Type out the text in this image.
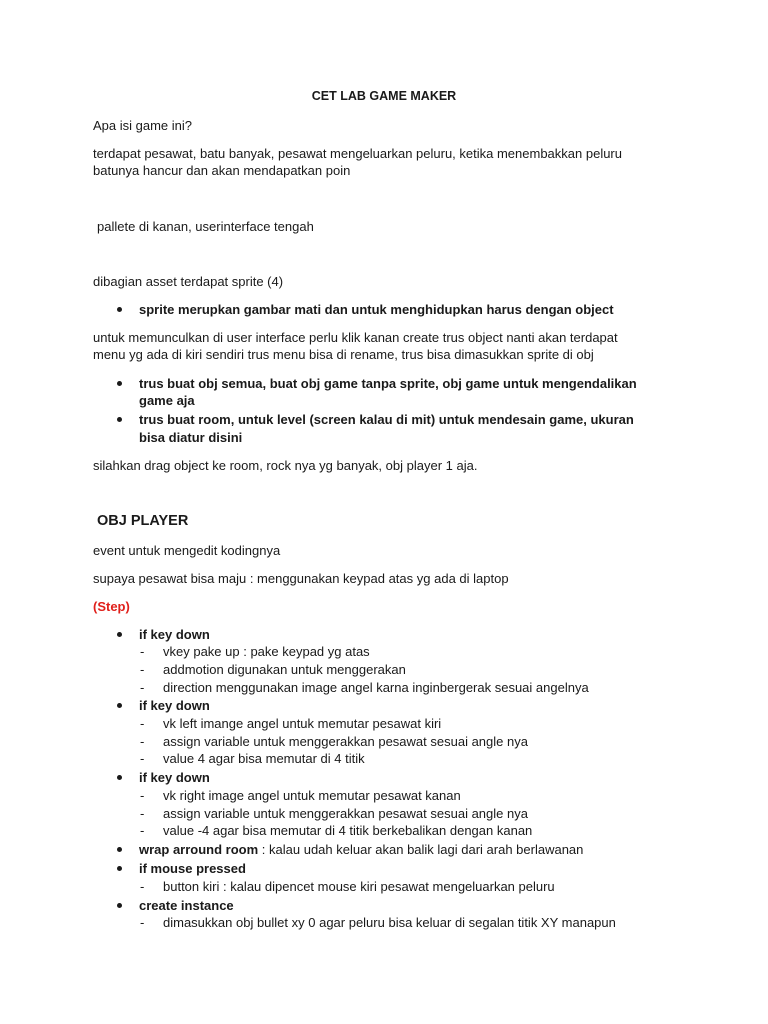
CET LAB GAME MAKER
Apa isi game ini?
terdapat pesawat, batu banyak, pesawat mengeluarkan peluru, ketika menembakkan peluru
batunya hancur dan akan mendapatkan poin
pallete di kanan, userinterface tengah
dibagian asset terdapat sprite (4)
sprite merupkan gambar mati dan untuk menghidupkan harus dengan object
untuk memunculkan di user interface perlu klik kanan create trus object nanti akan terdapat
menu yg ada di kiri sendiri trus menu bisa di rename, trus bisa dimasukkan sprite di obj
trus buat obj semua, buat obj game tanpa sprite, obj game untuk mengendalikan
game aja
trus buat room, untuk level (screen kalau di mit) untuk mendesain game, ukuran
bisa diatur disini
silahkan drag object ke room, rock nya yg banyak, obj player 1 aja.
OBJ PLAYER
event untuk mengedit kodingnya
supaya pesawat bisa maju : menggunakan keypad atas yg ada di laptop
(Step)
if key down
- vkey pake up : pake keypad yg atas
- addmotion digunakan untuk menggerakan
- direction menggunakan image angel karna inginbergerak sesuai angelnya
if key down
- vk left imange angel untuk memutar pesawat kiri
- assign variable untuk menggerakkan pesawat sesuai angle nya
- value 4 agar bisa memutar di 4 titik
if key down
- vk right image angel untuk memutar pesawat kanan
- assign variable untuk menggerakkan pesawat sesuai angle nya
- value -4 agar bisa memutar di 4 titik berkebalikan dengan kanan
wrap arround room : kalau udah keluar akan balik lagi dari arah berlawanan
if mouse pressed
- button kiri : kalau dipencet mouse kiri pesawat mengeluarkan peluru
create instance
- dimasukkan obj bullet xy 0 agar peluru bisa keluar di segalan titik XY manapun
